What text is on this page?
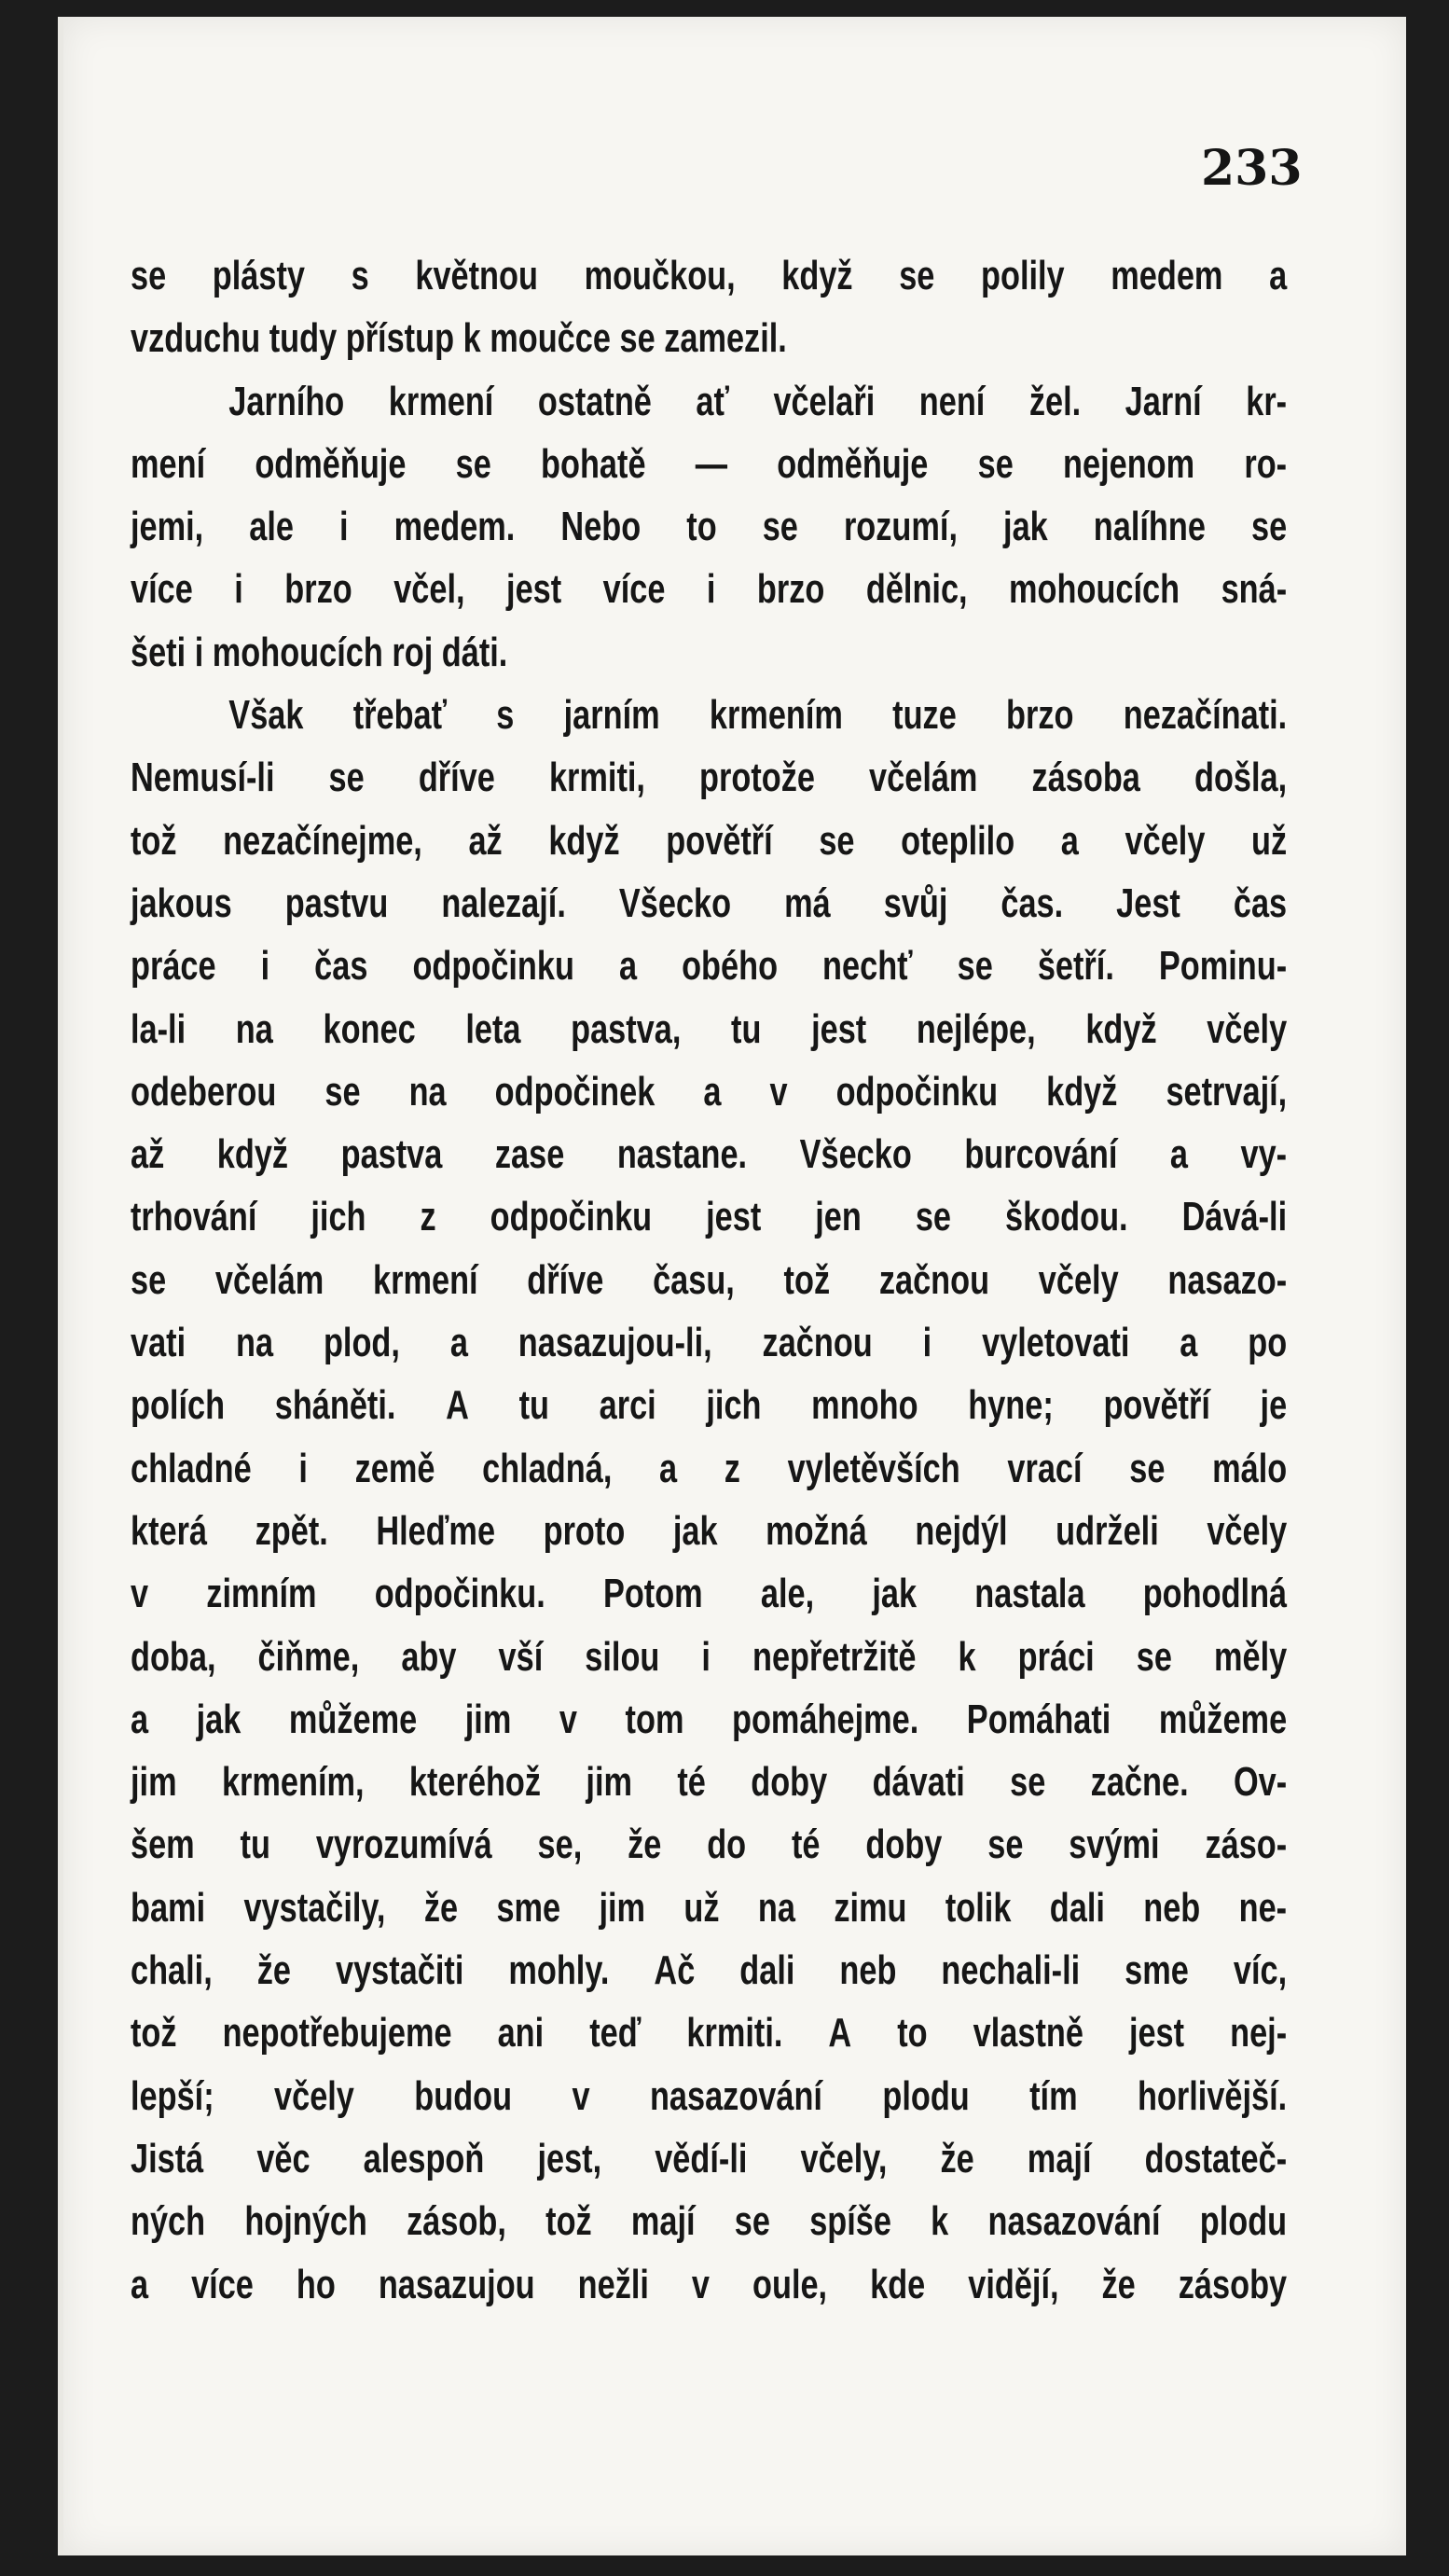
233
se plásty s květnou moučkou, když se polily medem a
vzduchu
tudy
přístup
k
moučce
se
zamezil.

Jarního krmení ostatně ať včelaři není žel. Jarní kr-
mení odměňuje se bohatě — odměňuje se nejenom ro-
jemi, ale i medem. Nebo to se rozumí, jak nalíhne se
více i brzo včel, jest více i brzo dělnic, mohoucích sná-
šeti
i
mohoucích
roj
dáti.

Však třebať s jarním krmením tuze brzo nezačínati.
Nemusí-li se dříve krmiti, protože včelám zásoba došla,
tož nezačínejme, až když povětří se oteplilo a včely už
jakous pastvu nalezají. Všecko má svůj čas. Jest čas
práce i čas odpočinku a obého nechť se šetří. Pominu-
la-li na konec leta pastva, tu jest nejlépe, když včely
odeberou se na odpočinek a v odpočinku když setrvají,
až když pastva zase nastane. Všecko burcování a vy-
trhování jich z odpočinku jest jen se škodou. Dává-li
se včelám krmení dříve času, tož začnou včely nasazo-
vati na plod, a nasazujou-li, začnou i vyletovati a po
polích sháněti. A tu arci jich mnoho hyne; povětří je
chladné i země chladná, a z vyletěvších vrací se málo
která zpět. Hleďme proto jak možná nejdýl udrželi včely
v zimním odpočinku. Potom ale, jak nastala pohodlná
doba, čiňme, aby vší silou i nepřetržitě k práci se měly
a jak můžeme jim v tom pomáhejme. Pomáhati můžeme
jim krmením, kteréhož jim té doby dávati se začne. Ov-
šem tu vyrozumívá se, že do té doby se svými záso-
bami vystačily, že sme jim už na zimu tolik dali neb ne-
chali, že vystačiti mohly. Ač dali neb nechali-li sme víc,
tož nepotřebujeme ani teď krmiti. A to vlastně jest nej-
lepší; včely budou v nasazování plodu tím horlivější.
Jistá věc alespoň jest, vědí-li včely, že mají dostateč-
ných hojných zásob, tož mají se spíše k nasazování plodu
a více ho nasazujou nežli v oule, kde vidějí, že zásoby
